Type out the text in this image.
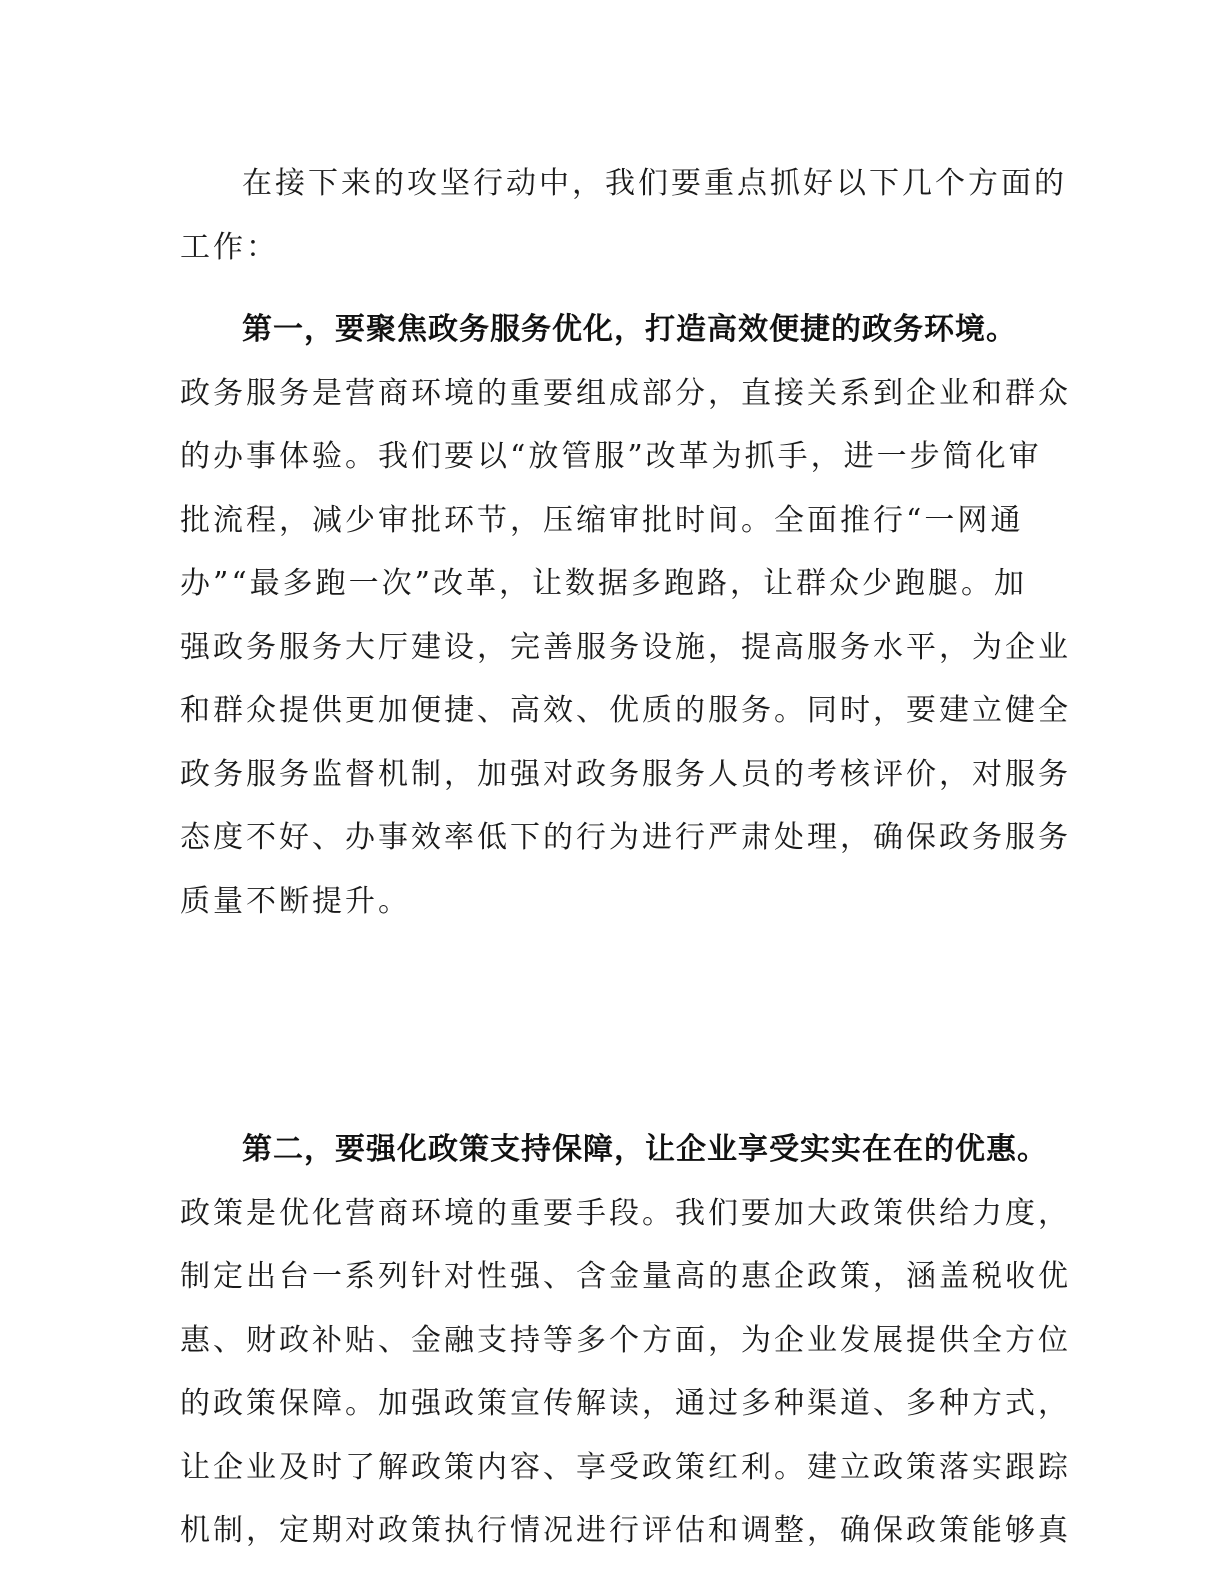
在接下来的攻坚行动中，我们要重点抓好以下几个方面的
工作：
第一，要聚焦政务服务优化，打造高效便捷的政务环境。
政务服务是营商环境的重要组成部分，直接关系到企业和群众
的办事体验。我们要以“放管服”改革为抓手，进一步简化审
批流程，减少审批环节，压缩审批时间。全面推行“一网通
办”“最多跑一次”改革，让数据多跑路，让群众少跑腿。加
强政务服务大厅建设，完善服务设施，提高服务水平，为企业
和群众提供更加便捷、高效、优质的服务。同时，要建立健全
政务服务监督机制，加强对政务服务人员的考核评价，对服务
态度不好、办事效率低下的行为进行严肃处理，确保政务服务
质量不断提升。
第二，要强化政策支持保障，让企业享受实实在在的优惠。
政策是优化营商环境的重要手段。我们要加大政策供给力度，
制定出台一系列针对性强、含金量高的惠企政策，涵盖税收优
惠、财政补贴、金融支持等多个方面，为企业发展提供全方位
的政策保障。加强政策宣传解读，通过多种渠道、多种方式，
让企业及时了解政策内容、享受政策红利。建立政策落实跟踪
机制，定期对政策执行情况进行评估和调整，确保政策能够真
